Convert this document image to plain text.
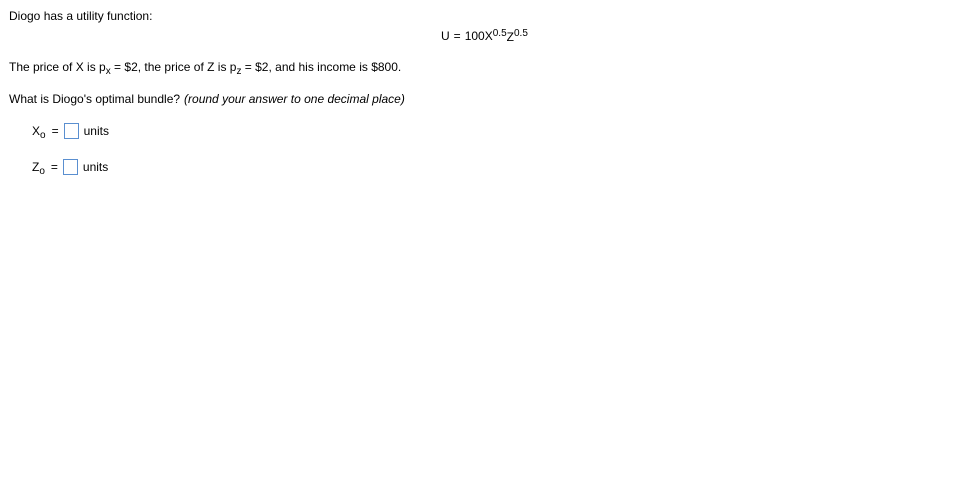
Diogo has a utility function:
$U = 100X^{0.5}Z^{0.5}$
The price of X is $p_x$ = $2, the price of Z is $p_z$ = $2, and his income is $800.
What is Diogo's optimal bundle? (round your answer to one decimal place)
$X_o$ = units
$Z_o$ = units
